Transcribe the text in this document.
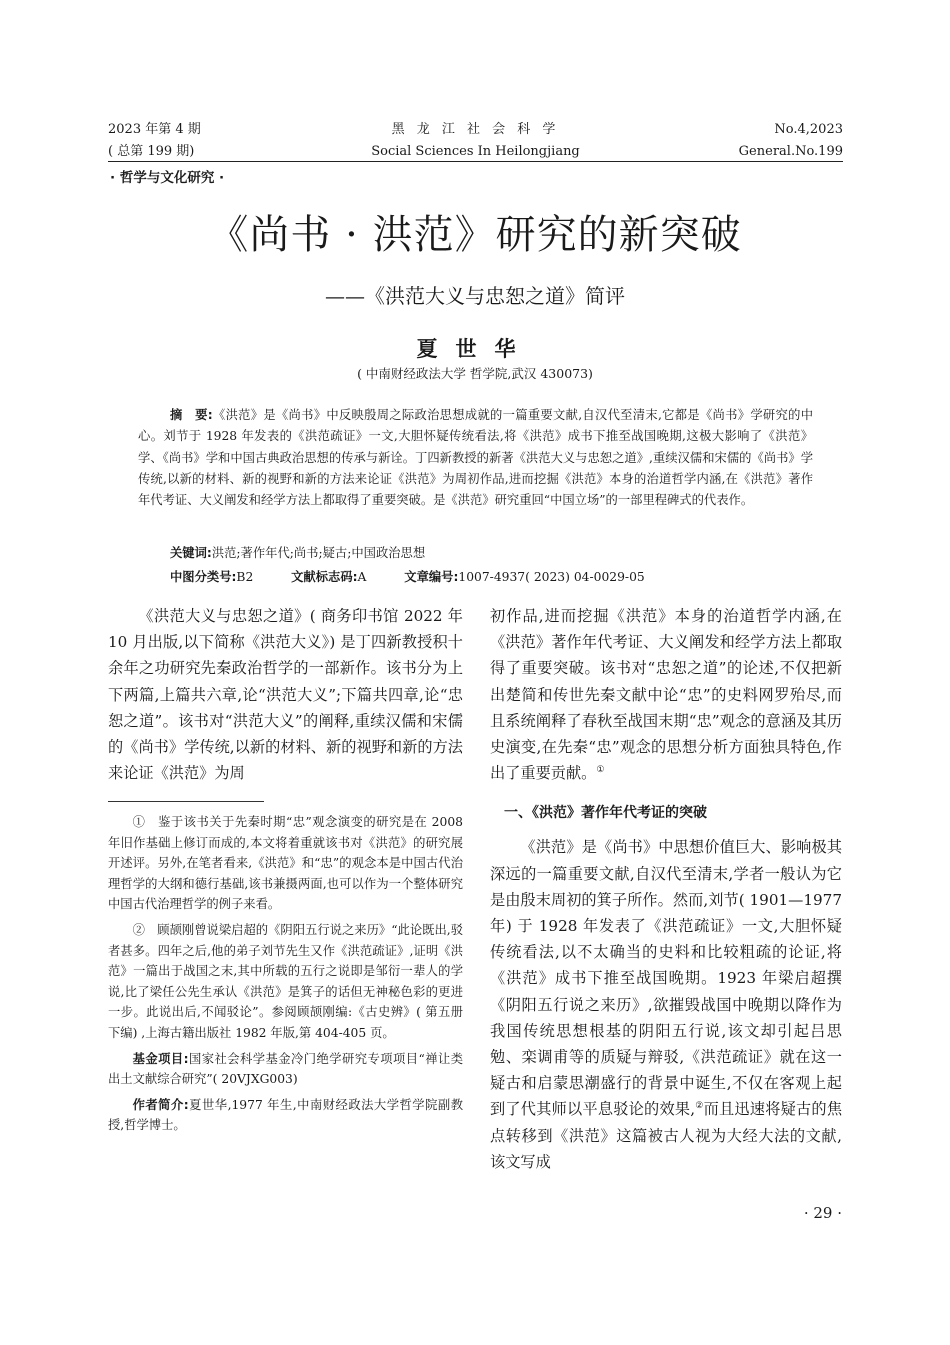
2023 年第 4 期	黑 龙 江 社 会 科 学	No.4,2023
( 总第 199 期)	Social Sciences In Heilongjiang	General.No.199
· 哲学与文化研究 ·
《尚书 · 洪范》研究的新突破
——《洪范大义与忠恕之道》简评
夏世华
( 中南财经政法大学 哲学院,武汉 430073)
摘　要:《洪范》是《尚书》中反映殷周之际政治思想成就的一篇重要文献,自汉代至清末,它都是《尚书》学研究的中心。刘节于 1928 年发表的《洪范疏证》一文,大胆怀疑传统看法,将《洪范》成书下推至战国晚期,这极大影响了《洪范》学、《尚书》学和中国古典政治思想的传承与新诠。丁四新教授的新著《洪范大义与忠恕之道》,重续汉儒和宋儒的《尚书》学传统,以新的材料、新的视野和新的方法来论证《洪范》为周初作品,进而挖掘《洪范》本身的治道哲学内涵,在《洪范》著作年代考证、大义阐发和经学方法上都取得了重要突破。是《洪范》研究重回“中国立场”的一部里程碑式的代表作。
关键词:洪范;著作年代;尚书;疑古;中国政治思想
中图分类号:B2	文献标志码:A	文章编号:1007-4937( 2023) 04-0029-05

《洪范大义与忠恕之道》( 商务印书馆 2022 年 10 月出版,以下简称《洪范大义》) 是丁四新教授积十余年之功研究先秦政治哲学的一部新作。该书分为上下两篇,上篇共六章,论“洪范大义”;下篇共四章,论“忠恕之道”。该书对“洪范大义”的阐释,重续汉儒和宋儒的《尚书》学传统,以新的材料、新的视野和新的方法来论证《洪范》为周

①　 鉴于该书关于先秦时期“忠”观念演变的研究是在 2008 年旧作基础上修订而成的,本文将着重就该书对《洪范》的研究展开述评。另外,在笔者看来,《洪范》和“忠”的观念本是中国古代治理哲学的大纲和德行基础,该书兼摄两面,也可以作为一个整体研究中国古代治理哲学的例子来看。

②　 顾颉刚曾说梁启超的《阴阳五行说之来历》“此论既出,驳者甚多。四年之后,他的弟子刘节先生又作《洪范疏证》,证明《洪范》一篇出于战国之末,其中所载的五行之说即是邹衍一辈人的学说,比了梁任公先生承认《洪范》是箕子的话但无神秘色彩的更进一步。此说出后,不闻驳论”。参阅顾颉刚编:《古史辨》( 第五册下编) ,上海古籍出版社 1982 年版,第 404-405 页。

基金项目:国家社会科学基金冷门绝学研究专项项目“禅让类出土文献综合研究”( 20VJXG003)

作者简介:夏世华,1977 年生,中南财经政法大学哲学院副教授,哲学博士。

初作品,进而挖掘《洪范》本身的治道哲学内涵,在《洪范》著作年代考证、大义阐发和经学方法上都取得了重要突破。该书对“忠恕之道”的论述,不仅把新出楚简和传世先秦文献中论“忠”的史料网罗殆尽,而且系统阐释了春秋至战国末期“忠”观念的意涵及其历史演变,在先秦“忠”观念的思想分析方面独具特色,作出了重要贡献。①

一、《洪范》著作年代考证的突破

《洪范》是《尚书》中思想价值巨大、影响极其深远的一篇重要文献,自汉代至清末,学者一般认为它是由殷末周初的箕子所作。然而,刘节( 1901—1977 年) 于 1928 年发表了《洪范疏证》一文,大胆怀疑传统看法,以不太确当的史料和比较粗疏的论证,将《洪范》成书下推至战国晚期。1923 年梁启超撰《阴阳五行说之来历》,欲摧毁战国中晚期以降作为我国传统思想根基的阴阳五行说,该文却引起吕思勉、栾调甫等的质疑与辩驳,《洪范疏证》就在这一疑古和启蒙思潮盛行的背景中诞生,不仅在客观上起到了代其师以平息驳论的效果,②而且迅速将疑古的焦点转移到《洪范》这篇被古人视为大经大法的文献,该文写成

· 29 ·
